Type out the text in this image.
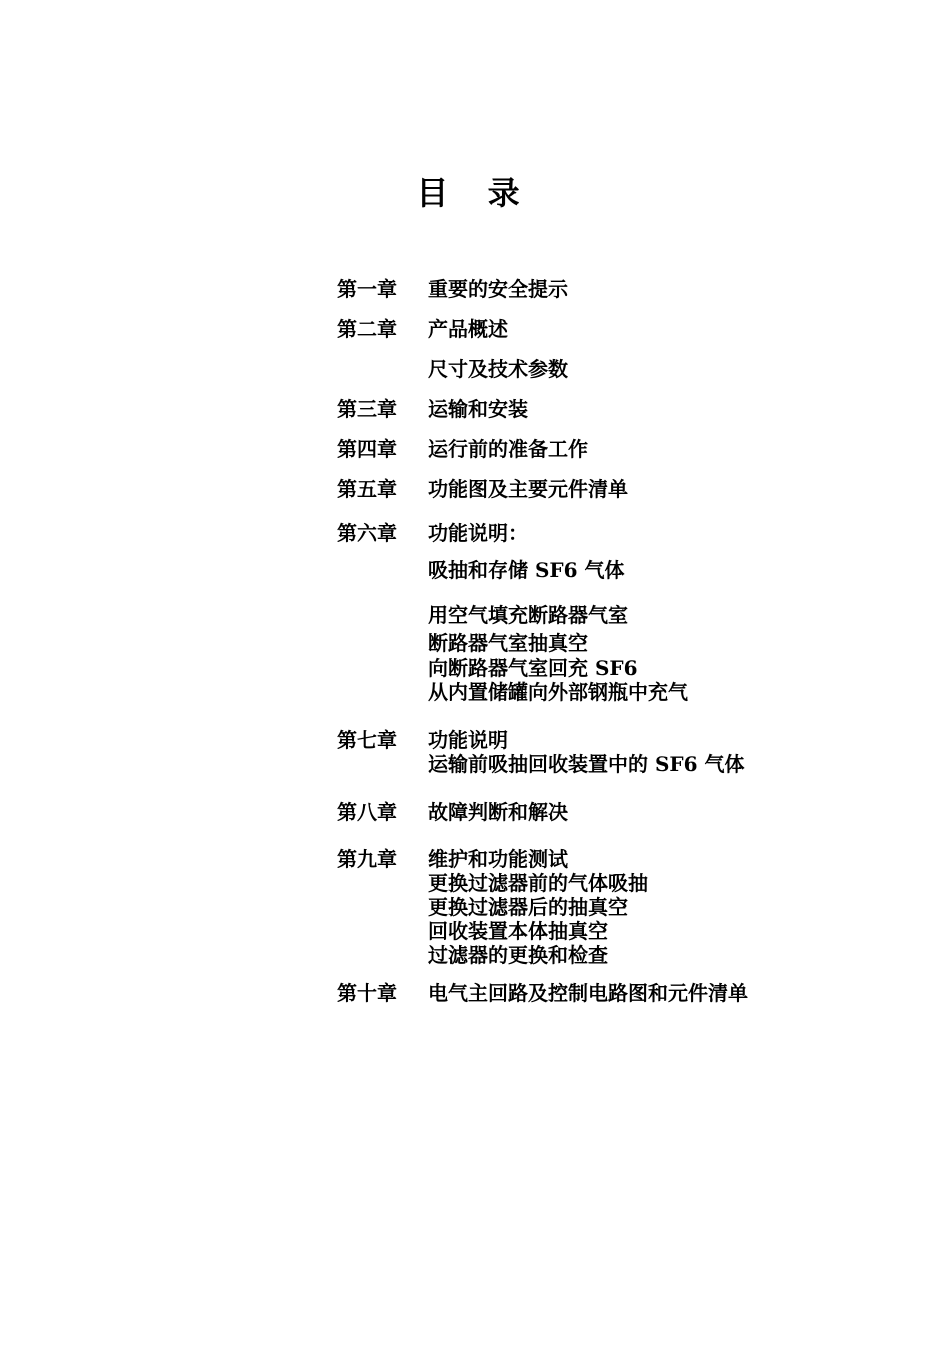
目 录
第一章 重要的安全提示
第二章 产品概述
尺寸及技术参数
第三章 运输和安装
第四章 运行前的准备工作
第五章 功能图及主要元件清单
第六章 功能说明：
吸抽和存储 SF6 气体
用空气填充断路器气室
断路器气室抽真空
向断路器气室回充 SF6
从内置储罐向外部钢瓶中充气
第七章 功能说明
运输前吸抽回收装置中的 SF6 气体
第八章 故障判断和解决
第九章 维护和功能测试
更换过滤器前的气体吸抽
更换过滤器后的抽真空
回收装置本体抽真空
过滤器的更换和检查
第十章 电气主回路及控制电路图和元件清单
